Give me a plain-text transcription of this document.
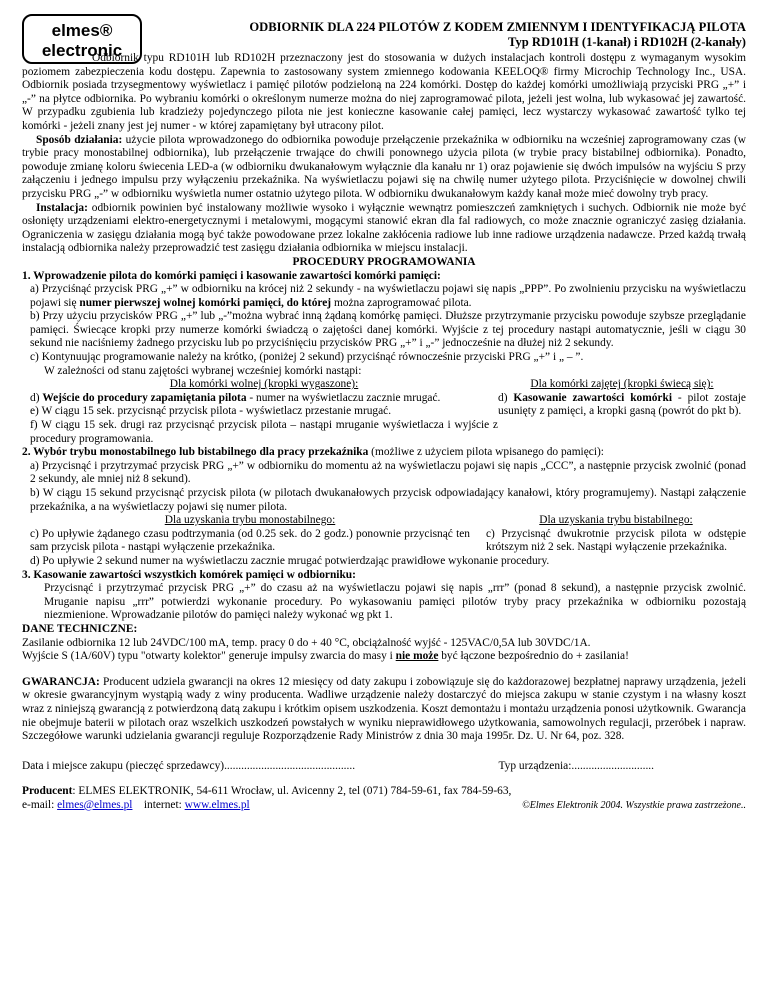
elmes®
electronic
ODBIORNIK DLA 224 PILOTÓW Z KODEM ZMIENNYM I IDENTYFIKACJĄ PILOTA
Typ RD101H (1-kanał) i RD102H (2-kanały)

Odbiornik typu RD101H lub RD102H przeznaczony jest do stosowania w dużych instalacjach kontroli dostępu z wymaganym wysokim poziomem zabezpieczenia kodu dostępu. Zapewnia to zastosowany system zmiennego kodowania KEELOQ® firmy Microchip Technology Inc., USA. Odbiornik posiada trzysegmentowy wyświetlacz i pamięć pilotów podzieloną na 224 komórki. Dostęp do każdej komórki umożliwiają przyciski PRG „+” i „-” na płytce odbiornika. Po wybraniu komórki o określonym numerze można do niej zaprogramować pilota, jeżeli jest wolna, lub wykasować jej zawartość. W przypadku zgubienia lub kradzieży pojedynczego pilota nie jest konieczne kasowanie całej pamięci, lecz wystarczy wykasować zawartość tylko tej komórki - jeżeli znany jest jej numer - w której zapamiętany był utracony pilot.

Sposób działania: użycie pilota wprowadzonego do odbiornika powoduje przełączenie przekaźnika w odbiorniku na wcześniej zaprogramowany czas (w trybie pracy monostabilnej odbiornika), lub przełączenie trwające do chwili ponownego użycia pilota (w trybie pracy bistabilnej odbiornika). Ponadto, powoduje zmianę koloru świecenia LED-a (w odbiorniku dwukanałowym wyłącznie dla kanału nr 1) oraz pojawienie się dwóch impulsów na wyjściu S przy załączeniu i jednego impulsu przy wyłączeniu przekaźnika. Na wyświetlaczu pojawi się na chwilę numer użytego pilota. Przyciśnięcie w dowolnej chwili przycisku PRG „-” w odbiorniku wyświetla numer ostatnio użytego pilota. W odbiorniku dwukanałowym każdy kanał może mieć dowolny tryb pracy.

Instalacja: odbiornik powinien być instalowany możliwie wysoko i wyłącznie wewnątrz pomieszczeń zamkniętych i suchych. Odbiornik nie może być osłonięty urządzeniami elektro-energetycznymi i metalowymi, mogącymi stanowić ekran dla fal radiowych, co może znacznie ograniczyć zasięg działania. Ograniczenia w zasięgu działania mogą być także powodowane przez lokalne zakłócenia radiowe lub inne radiowe urządzenia nadawcze. Przed każdą trwałą instalacją odbiornika należy przeprowadzić test zasięgu działania odbiornika w miejscu instalacji.

PROCEDURY PROGRAMOWANIA

1. Wprowadzenie pilota do komórki pamięci i kasowanie zawartości komórki pamięci:

a) Przyciśnąć przycisk PRG „+” w odbiorniku na krócej niż 2 sekundy - na wyświetlaczu pojawi się napis „PPP”. Po zwolnieniu przycisku na wyświetlaczu pojawi się numer pierwszej wolnej komórki pamięci, do której można zaprogramować pilota.

b) Przy użyciu przycisków PRG „+” lub „-”można wybrać inną żądaną komórkę pamięci. Dłuższe przytrzymanie przycisku powoduje szybsze przeglądanie pamięci. Świecące kropki przy numerze komórki świadczą o zajętości danej komórki. Wyjście z tej procedury nastąpi automatycznie, jeśli w ciągu 30 sekund nie naciśniemy żadnego przycisku lub po przyciśnięciu przycisków PRG „+” i „-” jednocześnie na dłużej niż 2 sekundy.

c) Kontynuując programowanie należy na krótko, (poniżej 2 sekund) przyciśnąć równocześnie przyciski PRG „+” i „ – ”.

W zależności od stanu zajętości wybranej wcześniej komórki nastąpi:

Dla komórki wolnej (kropki wygaszone):

d) Wejście do procedury zapamiętania pilota - numer na wyświetlaczu zacznie mrugać.

e) W ciągu 15 sek. przycisnąć przycisk pilota - wyświetlacz przestanie mrugać.

f) W ciągu 15 sek. drugi raz przycisnąć przycisk pilota – nastąpi mruganie wyświetlacza i wyjście z procedury programowania.

Dla komórki zajętej (kropki świecą się):

d) Kasowanie zawartości komórki - pilot zostaje usunięty z pamięci, a kropki gasną (powrót do pkt b).

2. Wybór trybu monostabilnego lub bistabilnego dla pracy przekaźnika (możliwe z użyciem pilota wpisanego do pamięci):

a) Przycisnąć i przytrzymać przycisk PRG „+” w odbiorniku do momentu aż na wyświetlaczu pojawi się napis „CCC”, a następnie przycisk zwolnić (ponad 2 sekundy, ale mniej niż 8 sekund).

b) W ciągu 15 sekund przycisnąć przycisk pilota (w pilotach dwukanałowych przycisk odpowiadający kanałowi, który programujemy). Nastąpi załączenie przekaźnika, a na wyświetlaczy pojawi się numer pilota.

Dla uzyskania trybu monostabilnego:

c) Po upływie żądanego czasu podtrzymania (od 0.25 sek. do 2 godz.) ponownie przycisnąć ten sam przycisk pilota - nastąpi wyłączenie przekaźnika.

Dla uzyskania trybu bistabilnego:

c) Przycisnąć dwukrotnie przycisk pilota w odstępie krótszym niż 2 sek. Nastąpi wyłączenie przekaźnika.

d) Po upływie 2 sekund numer na wyświetlaczu zacznie mrugać potwierdzając prawidłowe wykonanie procedury.

3. Kasowanie zawartości wszystkich komórek pamięci w odbiorniku:

Przycisnąć i przytrzymać przycisk PRG „+” do czasu aż na wyświetlaczu pojawi się napis „rrr” (ponad 8 sekund), a następnie przycisk zwolnić. Mruganie napisu „rrr” potwierdzi wykonanie procedury. Po wykasowaniu pamięci pilotów tryby pracy przekaźnika w odbiorniku pozostają niezmienione. Wprowadzanie pilotów do pamięci należy wykonać wg pkt 1.

DANE TECHNICZNE:

Zasilanie odbiornika 12 lub 24VDC/100 mA, temp. pracy 0 do + 40 °C, obciążalność wyjść - 125VAC/0,5A lub 30VDC/1A.

Wyjście S (1A/60V) typu "otwarty kolektor" generuje impulsy zwarcia do masy i nie może być łączone bezpośrednio do + zasilania!

GWARANCJA: Producent udziela gwarancji na okres 12 miesięcy od daty zakupu i zobowiązuje się do każdorazowej bezpłatnej naprawy urządzenia, jeżeli w okresie gwarancyjnym wystąpią wady z winy producenta. Wadliwe urządzenie należy dostarczyć do miejsca zakupu w stanie czystym i na własny koszt wraz z niniejszą gwarancją z potwierdzoną datą zakupu i krótkim opisem uszkodzenia. Koszt demontażu i montażu urządzenia ponosi użytkownik. Gwarancja nie obejmuje baterii w pilotach oraz wszelkich uszkodzeń powstałych w wyniku nieprawidłowego użytkowania, samowolnych regulacji, przeróbek i napraw. Szczegółowe warunki udzielania gwarancji reguluje Rozporządzenie Rady Ministrów z dnia 30 maja 1995r. Dz. U. Nr 64, poz. 328.

Data i miejsce zakupu (pieczęć sprzedawcy)..............................................	Typ urządzenia:.............................

Producent: ELMES ELEKTRONIK, 54-611 Wrocław, ul. Avicenny 2, tel (071) 784-59-61, fax 784-59-63,

e-mail: elmes@elmes.pl internet: www.elmes.pl	©Elmes Elektronik 2004. Wszystkie prawa zastrzeżone..
